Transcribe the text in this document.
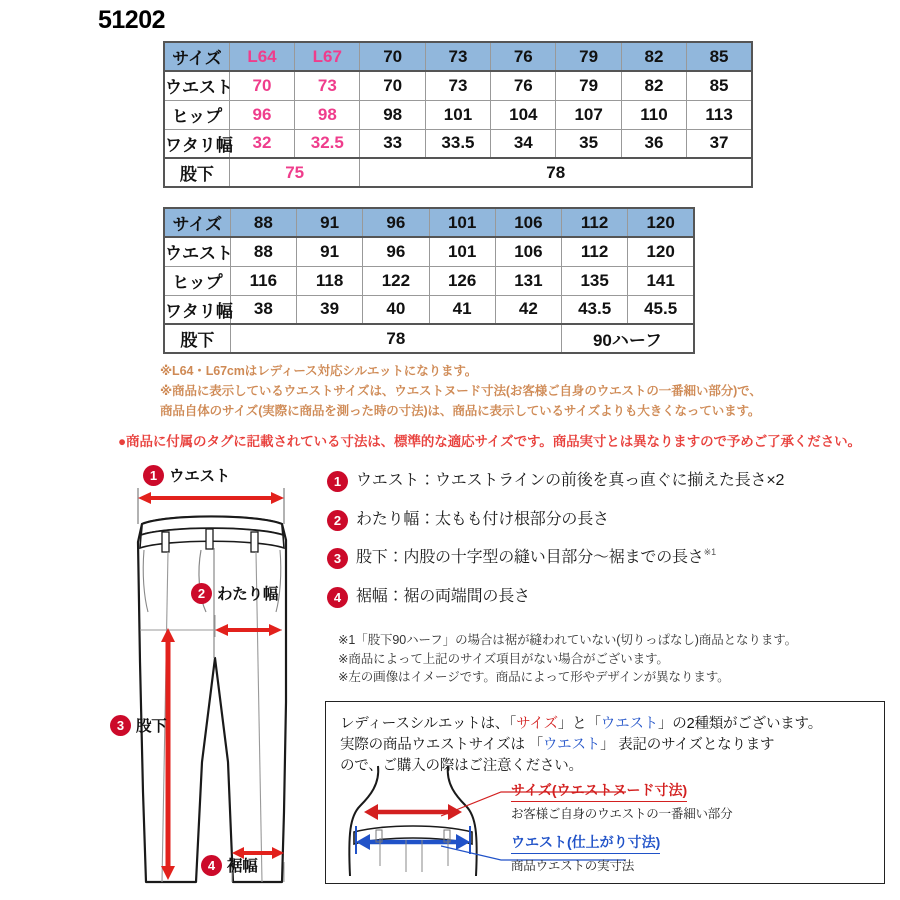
51202
サイズ	L64	L67	70	73	76	79	82	85
ウエスト	70	73	70	73	76	79	82	85
ヒップ	96	98	98	101	104	107	110	113
ワタリ幅	32	32.5	33	33.5	34	35	36	37
股下	75		78					
サイズ	88	91	96	101	106	112	120
ウエスト	88	91	96	101	106	112	120
ヒップ	116	118	122	126	131	135	141
ワタリ幅	38	39	40	41	42	43.5	45.5
股下	78					90ハーフ	
※L64・L67cmはレディース対応シルエットになります。
※商品に表示しているウエストサイズは、ウエストヌード寸法(お客様ご自身のウエストの一番細い部分)で、
商品自体のサイズ(実際に商品を測った時の寸法)は、商品に表示しているサイズよりも大きくなっています。
●商品に付属のタグに記載されている寸法は、標準的な適応サイズです。商品実寸とは異なりますので予めご了承ください。
1 ウエスト
2 わたり幅
3 股下
4 裾幅
1 ウエスト：ウエストラインの前後を真っ直ぐに揃えた長さ×2
2 わたり幅：太もも付け根部分の長さ
3 股下：内股の十字型の縫い目部分～裾までの長さ ※1
4 裾幅：裾の両端間の長さ
※1「股下90ハーフ」の場合は裾が縫われていない(切りっぱなし)商品となります。
※商品によって上記のサイズ項目がない場合がございます。
※左の画像はイメージです。商品によって形やデザインが異なります。
レディースシルエットは、「サイズ」と「ウエスト」の2種類がございます。
実際の商品ウエストサイズは 「ウエスト」 表記のサイズとなります
ので、ご購入の際はご注意ください。
サイズ(ウエストヌード寸法)
お客様ご自身のウエストの一番細い部分
ウエスト(仕上がり寸法)
商品ウエストの実寸法
